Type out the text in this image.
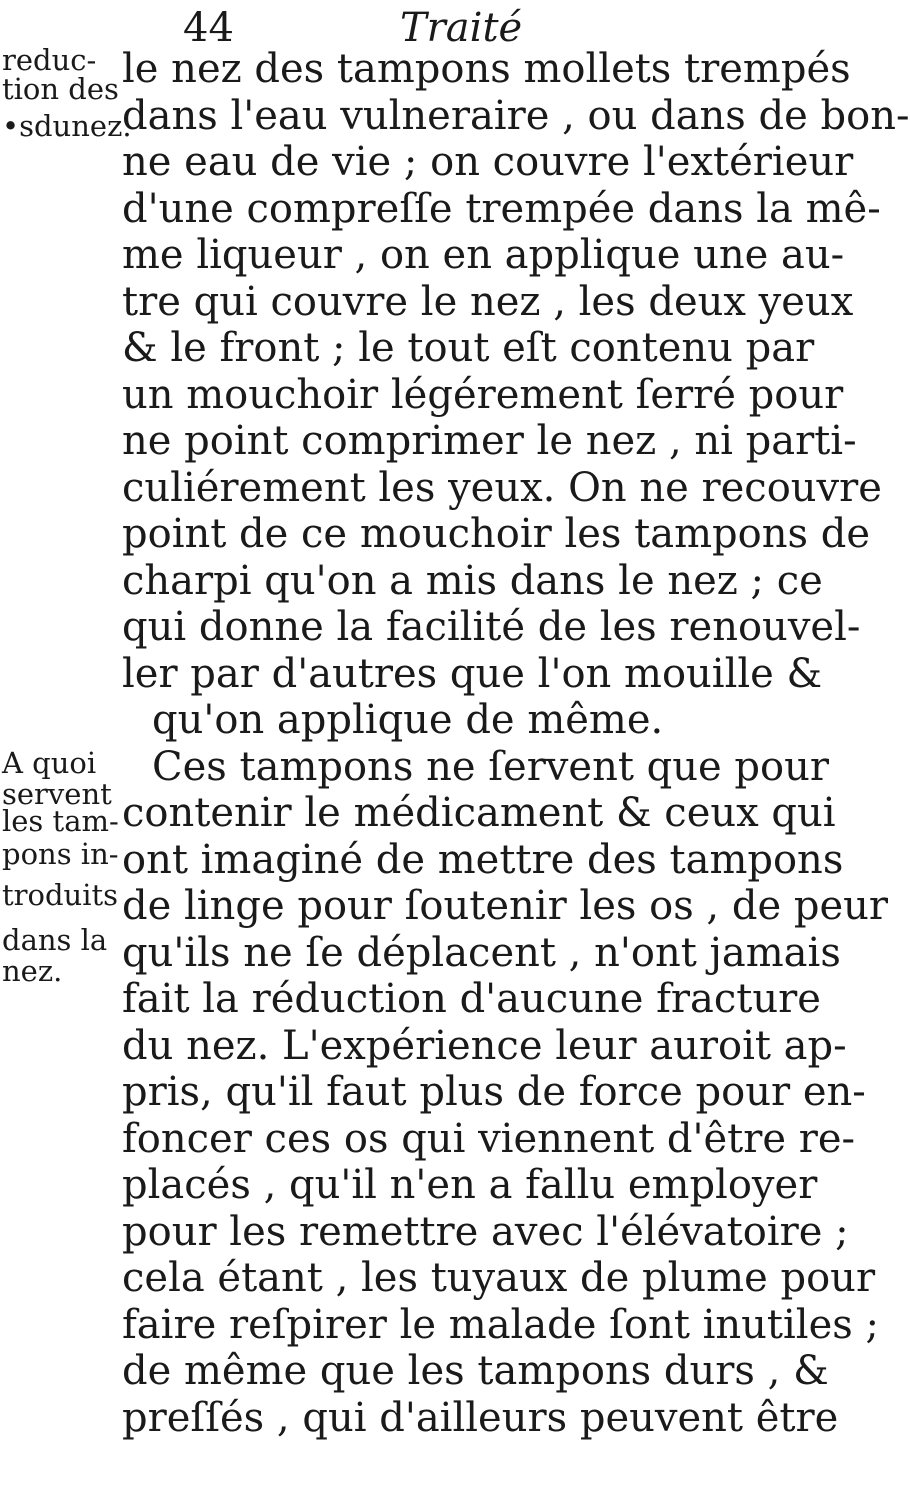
44	Traité
reduc-
tion des
•sdunez.
A quoi
servent
les tam-
pons in-
troduits
dans la
nez.
le nez des tampons mollets trempés
dans l'eau vulneraire , ou dans de bon-
ne eau de vie ; on couvre l'extérieur
d'une compreſſe trempée dans la mê-
me liqueur , on en applique une au-
tre qui couvre le nez , les deux yeux
& le front ; le tout eſt contenu par
un mouchoir légérement ſerré pour
ne point comprimer le nez , ni parti-
culiérement les yeux. On ne recouvre
point de ce mouchoir les tampons de
charpi qu'on a mis dans le nez ; ce
qui donne la facilité de les renouvel-
ler par d'autres que l'on mouille &
qu'on applique de même.
Ces tampons ne ſervent que pour
contenir le médicament & ceux qui
ont imaginé de mettre des tampons
de linge pour ſoutenir les os , de peur
qu'ils ne ſe déplacent , n'ont jamais
fait la réduction d'aucune fracture
du nez. L'expérience leur auroit ap-
pris, qu'il faut plus de force pour en-
foncer ces os qui viennent d'être re-
placés , qu'il n'en a fallu employer
pour les remettre avec l'élévatoire ;
cela étant , les tuyaux de plume pour
faire reſpirer le malade ſont inutiles ;
de même que les tampons durs , &
preſſés , qui d'ailleurs peuvent être
